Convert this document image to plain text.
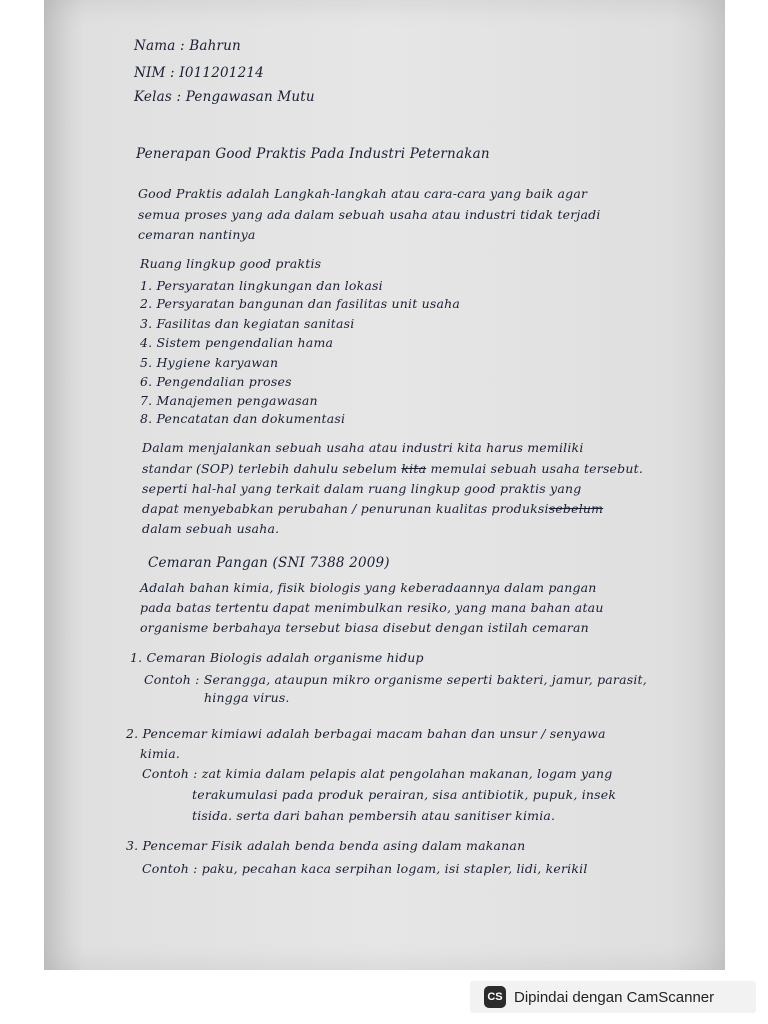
Nama : Bahrun

NIM : I011201214

Kelas : Pengawasan Mutu

Penerapan Good Praktis Pada Industri Peternakan

Good Praktis adalah Langkah-langkah atau cara-cara yang baik agar

semua proses yang ada dalam sebuah usaha atau industri tidak terjadi

cemaran nantinya

Ruang lingkup good praktis

1. Persyaratan lingkungan dan lokasi

2. Persyaratan bangunan dan fasilitas unit usaha

3. Fasilitas dan kegiatan sanitasi

4. Sistem pengendalian hama

5. Hygiene karyawan

6. Pengendalian proses

7. Manajemen pengawasan

8. Pencatatan dan dokumentasi

Dalam menjalankan sebuah usaha atau industri kita harus memiliki

standar (SOP) terlebih dahulu sebelum kita memulai sebuah usaha tersebut.

seperti hal-hal yang terkait dalam ruang lingkup good praktis yang

dapat menyebabkan perubahan / penurunan kualitas produksisebelum

dalam sebuah usaha.

Cemaran Pangan (SNI 7388 2009)

Adalah bahan kimia, fisik biologis yang keberadaannya dalam pangan

pada batas tertentu dapat menimbulkan resiko, yang mana bahan atau

organisme berbahaya tersebut biasa disebut dengan istilah cemaran

1. Cemaran Biologis adalah organisme hidup

Contoh : Serangga, ataupun mikro organisme seperti bakteri, jamur, parasit,

hingga virus.

2. Pencemar kimiawi adalah berbagai macam bahan dan unsur / senyawa

kimia.

Contoh : zat kimia dalam pelapis alat pengolahan makanan, logam yang

terakumulasi pada produk perairan, sisa antibiotik, pupuk, insek

tisida. serta dari bahan pembersih atau sanitiser kimia.

3. Pencemar Fisik adalah benda benda asing dalam makanan

Contoh : paku, pecahan kaca serpihan logam, isi stapler, lidi, kerikil

CS Dipindai dengan CamScanner
